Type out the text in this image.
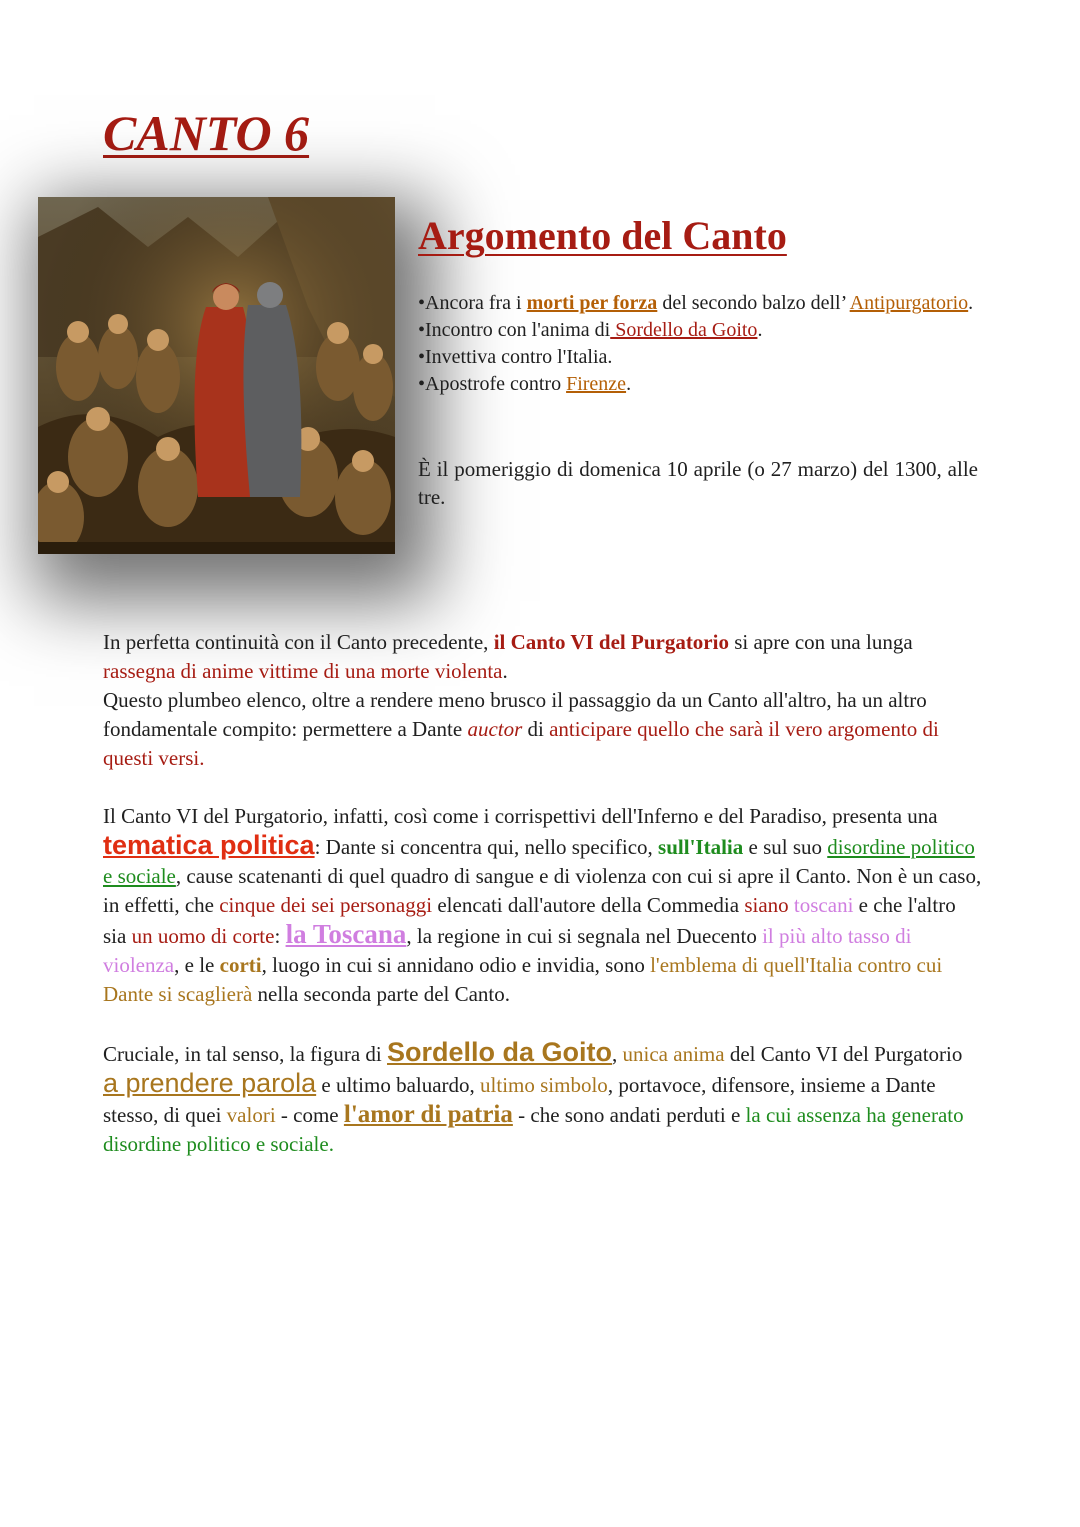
CANTO 6
Argomento del Canto

•Ancora fra i morti per forza del secondo balzo dell’ Antipurgatorio.

•Incontro con l'anima di Sordello da Goito.

•Invettiva contro l'Italia.

•Apostrofe contro Firenze.

È il pomeriggio di domenica 10 aprile (o 27 marzo) del 1300, alle tre.

In perfetta continuità con il Canto precedente, il Canto VI del Purgatorio si apre con una lunga rassegna di anime vittime di una morte violenta.
Questo plumbeo elenco, oltre a rendere meno brusco il passaggio da un Canto all'altro, ha un altro fondamentale compito: permettere a Dante auctor di anticipare quello che sarà il vero argomento di questi versi.

Il Canto VI del Purgatorio, infatti, così come i corrispettivi dell'Inferno e del Paradiso, presenta una tematica politica: Dante si concentra qui, nello specifico, sull'Italia e sul suo disordine politico e sociale, cause scatenanti di quel quadro di sangue e di violenza con cui si apre il Canto. Non è un caso, in effetti, che cinque dei sei personaggi elencati dall'autore della Commedia siano toscani e che l'altro sia un uomo di corte: la Toscana, la regione in cui si segnala nel Duecento il più alto tasso di violenza, e le corti, luogo in cui si annidano odio e invidia, sono l'emblema di quell'Italia contro cui Dante si scaglierà nella seconda parte del Canto.

Cruciale, in tal senso, la figura di Sordello da Goito, unica anima del Canto VI del Purgatorio a prendere parola e ultimo baluardo, ultimo simbolo, portavoce, difensore, insieme a Dante stesso, di quei valori - come l'amor di patria - che sono andati perduti e la cui assenza ha generato disordine politico e sociale.
